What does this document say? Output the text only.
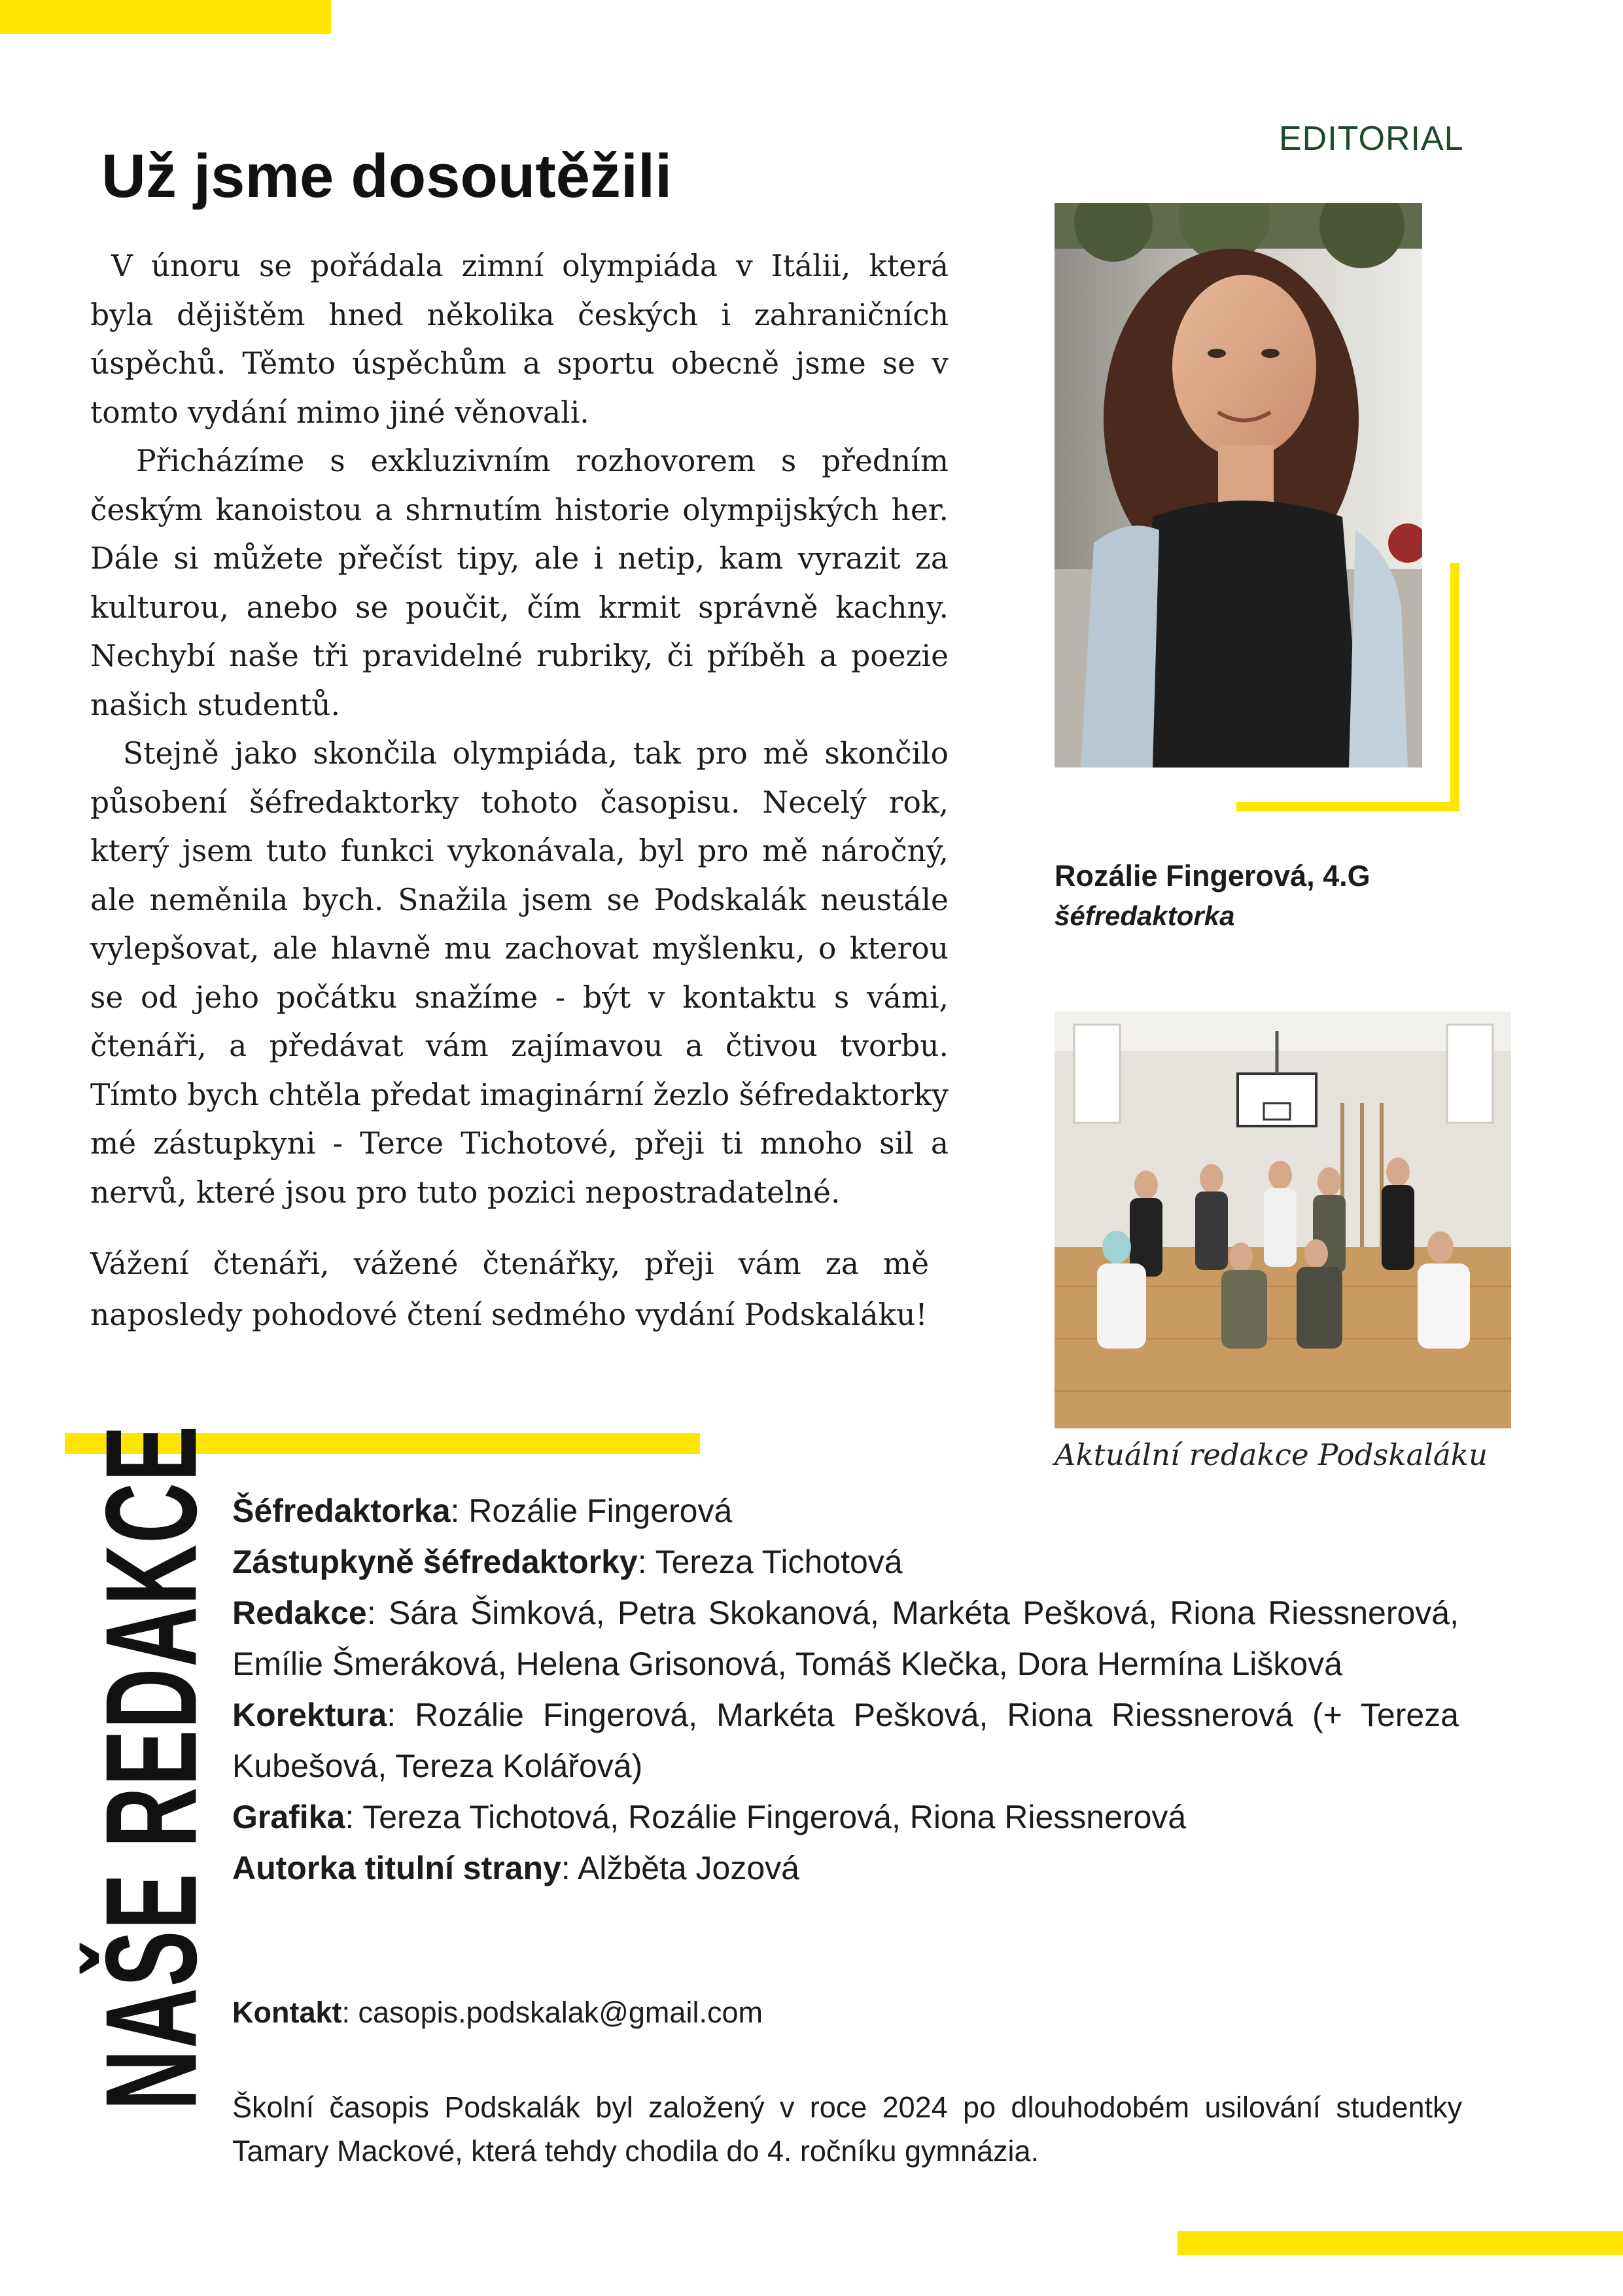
EDITORIAL
Už jsme dosoutěžili

V únoru se pořádala zimní olympiáda v Itálii, která byla dějištěm hned několika českých i zahraničních úspěchů. Těmto úspěchům a sportu obecně jsme se v tomto vydání mimo jiné věnovali.

Přicházíme s exkluzivním rozhovorem s předním českým kanoistou a shrnutím historie olympijských her. Dále si můžete přečíst tipy, ale i netip, kam vyrazit za kulturou, anebo se poučit, čím krmit správně kachny. Nechybí naše tři pravidelné rubriky, či příběh a poezie našich studentů.

Stejně jako skončila olympiáda, tak pro mě skončilo působení šéfredaktorky tohoto časopisu. Necelý rok, který jsem tuto funkci vykonávala, byl pro mě náročný, ale neměnila bych. Snažila jsem se Podskalák neustále vylepšovat, ale hlavně mu zachovat myšlenku, o kterou se od jeho počátku snažíme - být v kontaktu s vámi, čtenáři, a předávat vám zajímavou a čtivou tvorbu. Tímto bych chtěla předat imaginární žezlo šéfredaktorky mé zástupkyni - Terce Tichotové, přeji ti mnoho sil a nervů, které jsou pro tuto pozici nepostradatelné.

Vážení čtenáři, vážené čtenářky, přeji vám za mě naposledy pohodové čtení sedmého vydání Podskaláku!

Rozálie Fingerová, 4.G
šéfredaktorka
Aktuální redakce Podskaláku
NAŠE REDAKCE Šéfredaktorka: Rozálie Fingerová

Zástupkyně šéfredaktorky: Tereza Tichotová

Redakce: Sára Šimková, Petra Skokanová, Markéta Pešková, Riona Riessnerová, Emílie Šmeráková, Helena Grisonová, Tomáš Klečka, Dora Hermína Lišková

Korektura: Rozálie Fingerová, Markéta Pešková, Riona Riessnerová (+ Tereza Kubešová, Tereza Kolářová)

Grafika: Tereza Tichotová, Rozálie Fingerová, Riona Riessnerová

Autorka titulní strany: Alžběta Jozová

Kontakt: casopis.podskalak@gmail.com
Školní časopis Podskalák byl založený v roce 2024 po dlouhodobém usilování studentky Tamary Mackové, která tehdy chodila do 4. ročníku gymnázia.
